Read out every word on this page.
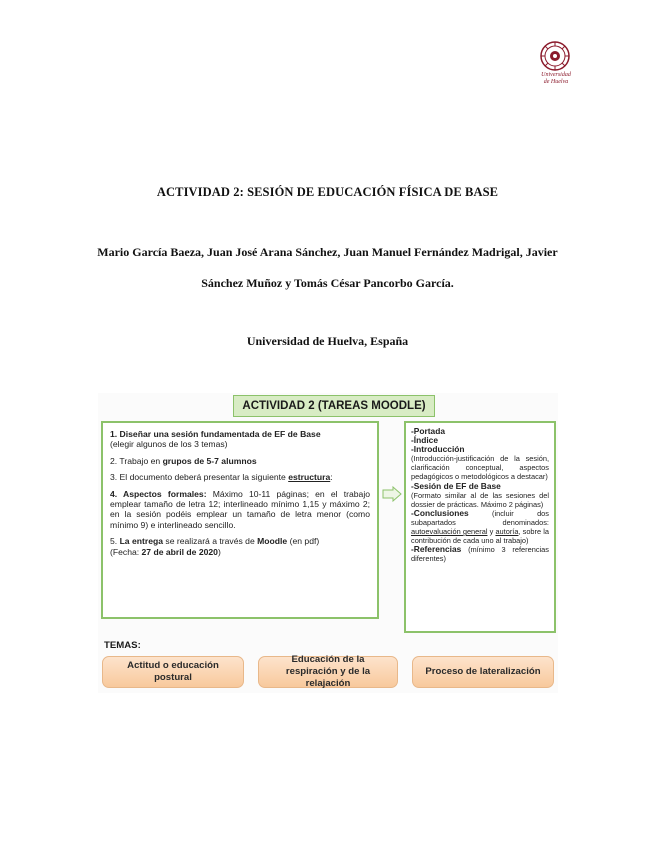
Universidad
de Huelva
ACTIVIDAD 2: SESIÓN DE EDUCACIÓN FÍSICA DE BASE
Mario García Baeza, Juan José Arana Sánchez, Juan Manuel Fernández Madrigal, Javier
Sánchez Muñoz y Tomás César Pancorbo García.
Universidad de Huelva, España
ACTIVIDAD 2 (TAREAS MOODLE)

1. Diseñar una sesión fundamentada de EF de Base
(elegir algunos de los 3 temas)

2. Trabajo en grupos de 5-7 alumnos

3. El documento deberá presentar la siguiente estructura:

4. Aspectos formales: Máximo 10-11 páginas; en el trabajo emplear tamaño de letra 12; interlineado mínimo 1,15 y máximo 2; en la sesión podéis emplear un tamaño de letra menor (como mínimo 9) e interlineado sencillo.

5. La entrega se realizará a través de Moodle (en pdf)
(Fecha: 27 de abril de 2020)

-Portada
-Índice
-Introducción
(Introducción-justificación de la sesión, clarificación conceptual, aspectos pedagógicos o metodológicos a destacar)
-Sesión de EF de Base
(Formato similar al de las sesiones del dossier de prácticas. Máximo 2 páginas)
-Conclusiones (incluir dos subapartados denominados: autoevaluación general y autoría, sobre la contribución de cada uno al trabajo)
-Referencias (mínimo 3 referencias diferentes)
TEMAS:
Actitud o educación postural
Educación de la respiración y de la relajación
Proceso de lateralización
